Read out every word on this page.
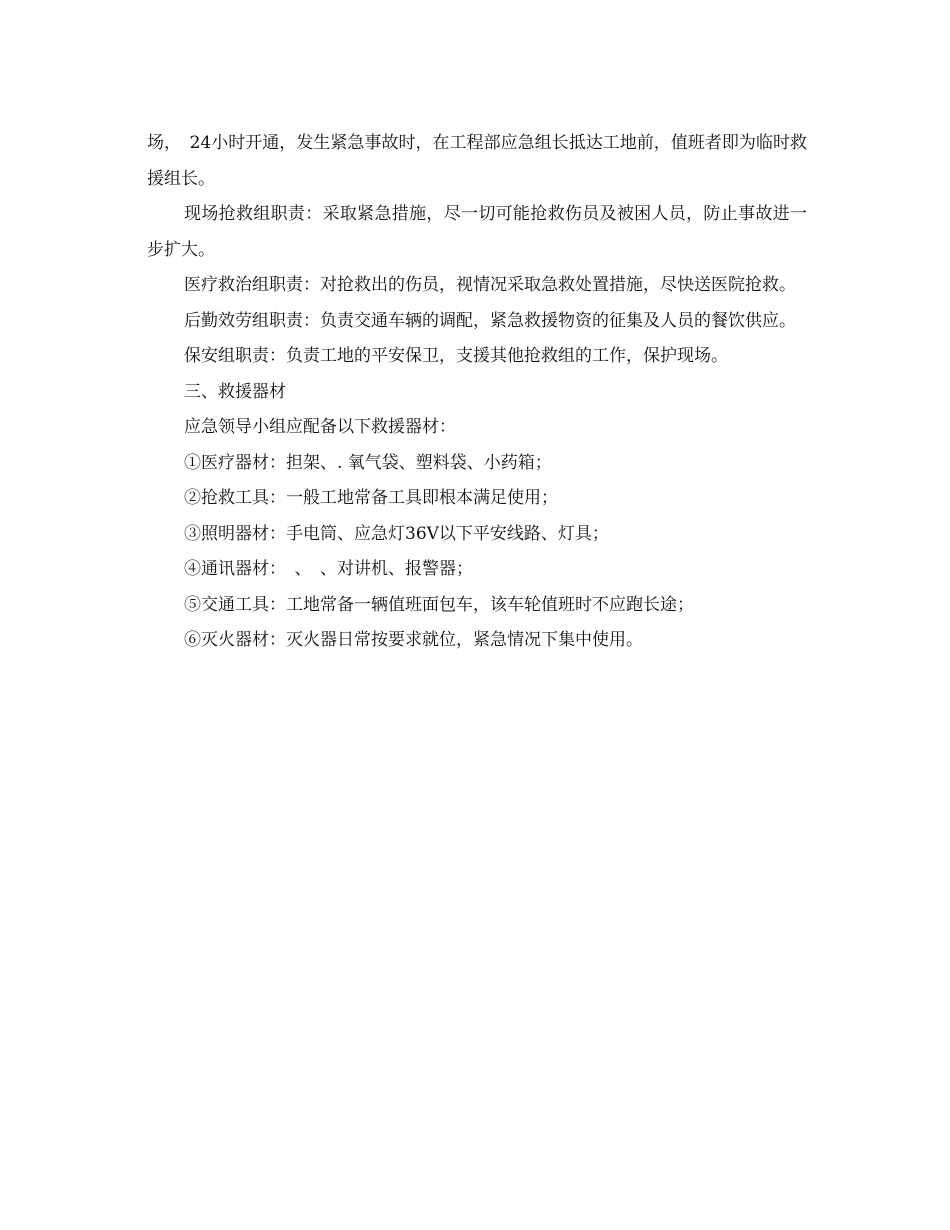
场，　24小时开通，发生紧急事故时，在工程部应急组长抵达工地前，值班者即为临时救援组长。

现场抢救组职责：采取紧急措施，尽一切可能抢救伤员及被困人员，防止事故进一步扩大。

医疗救治组职责：对抢救出的伤员，视情况采取急救处置措施，尽快送医院抢救。

后勤效劳组职责：负责交通车辆的调配，紧急救援物资的征集及人员的餐饮供应。

保安组职责：负责工地的平安保卫，支援其他抢救组的工作，保护现场。

三、救援器材

应急领导小组应配备以下救援器材：

①医疗器材：担架、. 氧气袋、塑料袋、小药箱；

②抢救工具：一般工地常备工具即根本满足使用；

③照明器材：手电筒、应急灯36V以下平安线路、灯具；

④通讯器材：　、　、对讲机、报警器；

⑤交通工具：工地常备一辆值班面包车，该车轮值班时不应跑长途；

⑥灭火器材：灭火器日常按要求就位，紧急情况下集中使用。
